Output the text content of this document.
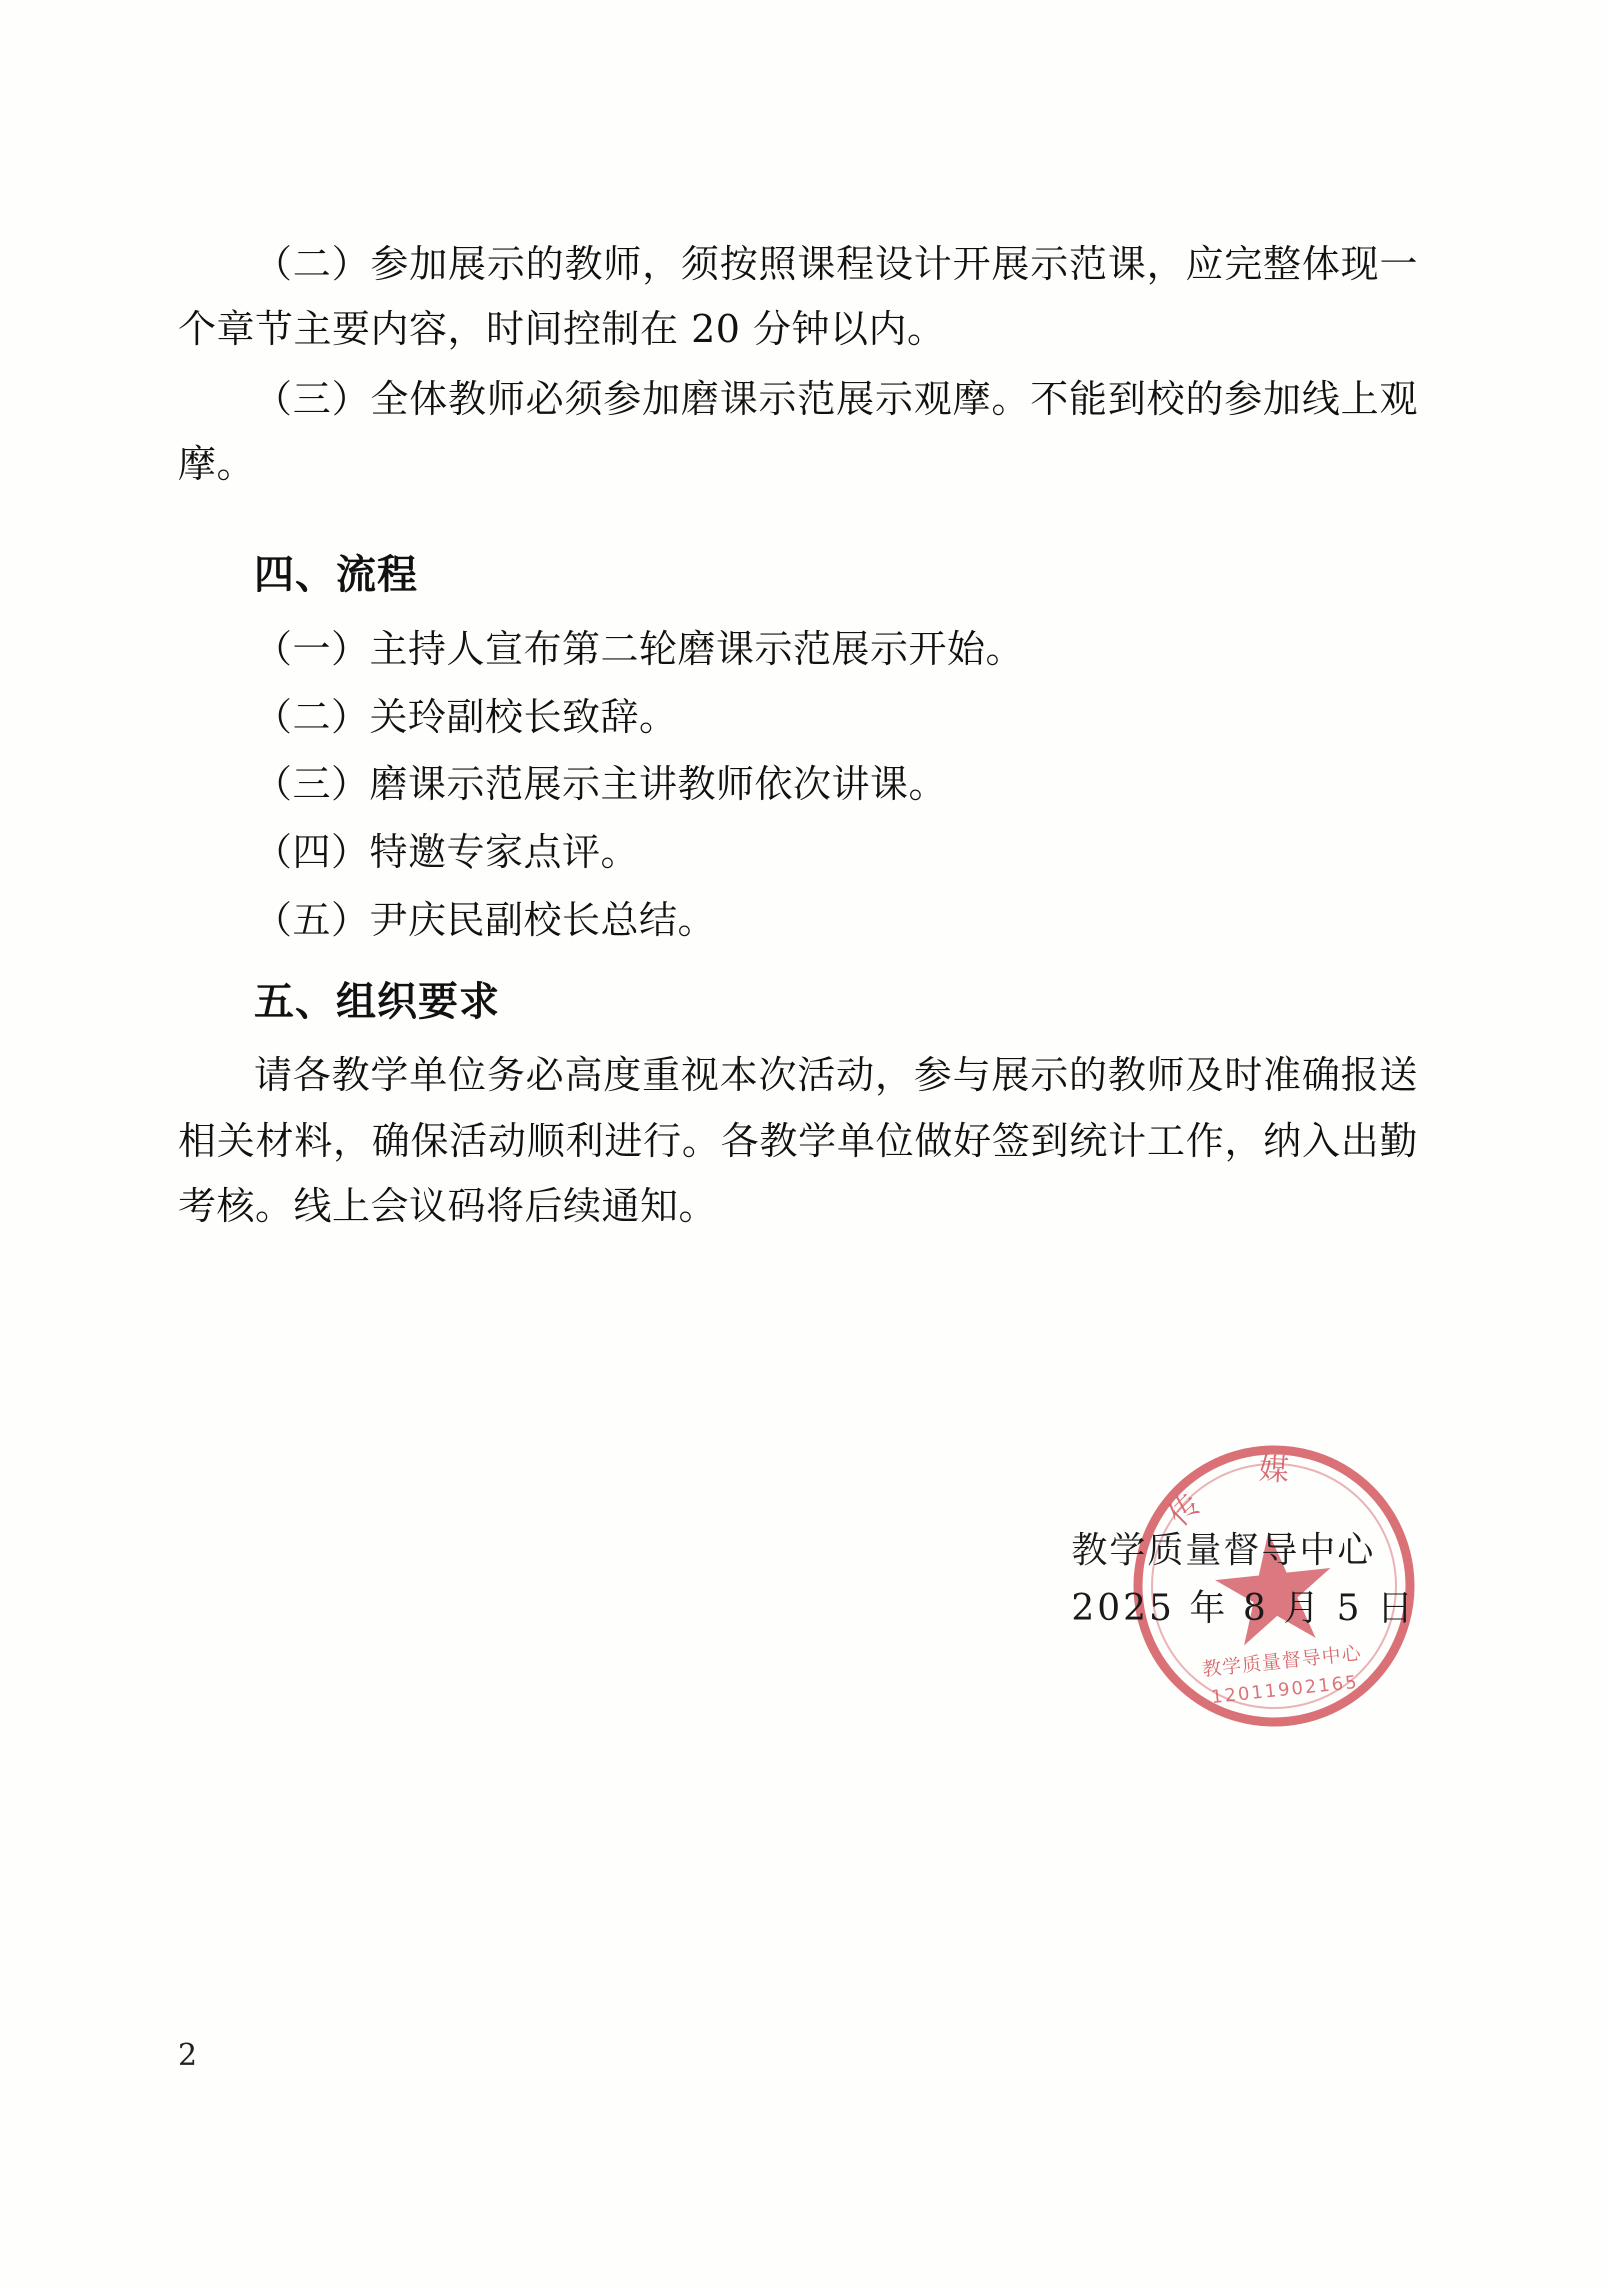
（二）参加展示的教师，须按照课程设计开展示范课，应完整体现一个章节主要内容，时间控制在 20 分钟以内。

（三）全体教师必须参加磨课示范展示观摩。不能到校的参加线上观摩。

四、流程

（一）主持人宣布第二轮磨课示范展示开始。

（二）关玲副校长致辞。

（三）磨课示范展示主讲教师依次讲课。

（四）特邀专家点评。

（五）尹庆民副校长总结。

五、组织要求

请各教学单位务必高度重视本次活动，参与展示的教师及时准确报送相关材料，确保活动顺利进行。各教学单位做好签到统计工作，纳入出勤考核。线上会议码将后续通知。

传　媒
教学质量督导中心
12011902165
教学质量督导中心
2025 年 8 月 5 日
2
